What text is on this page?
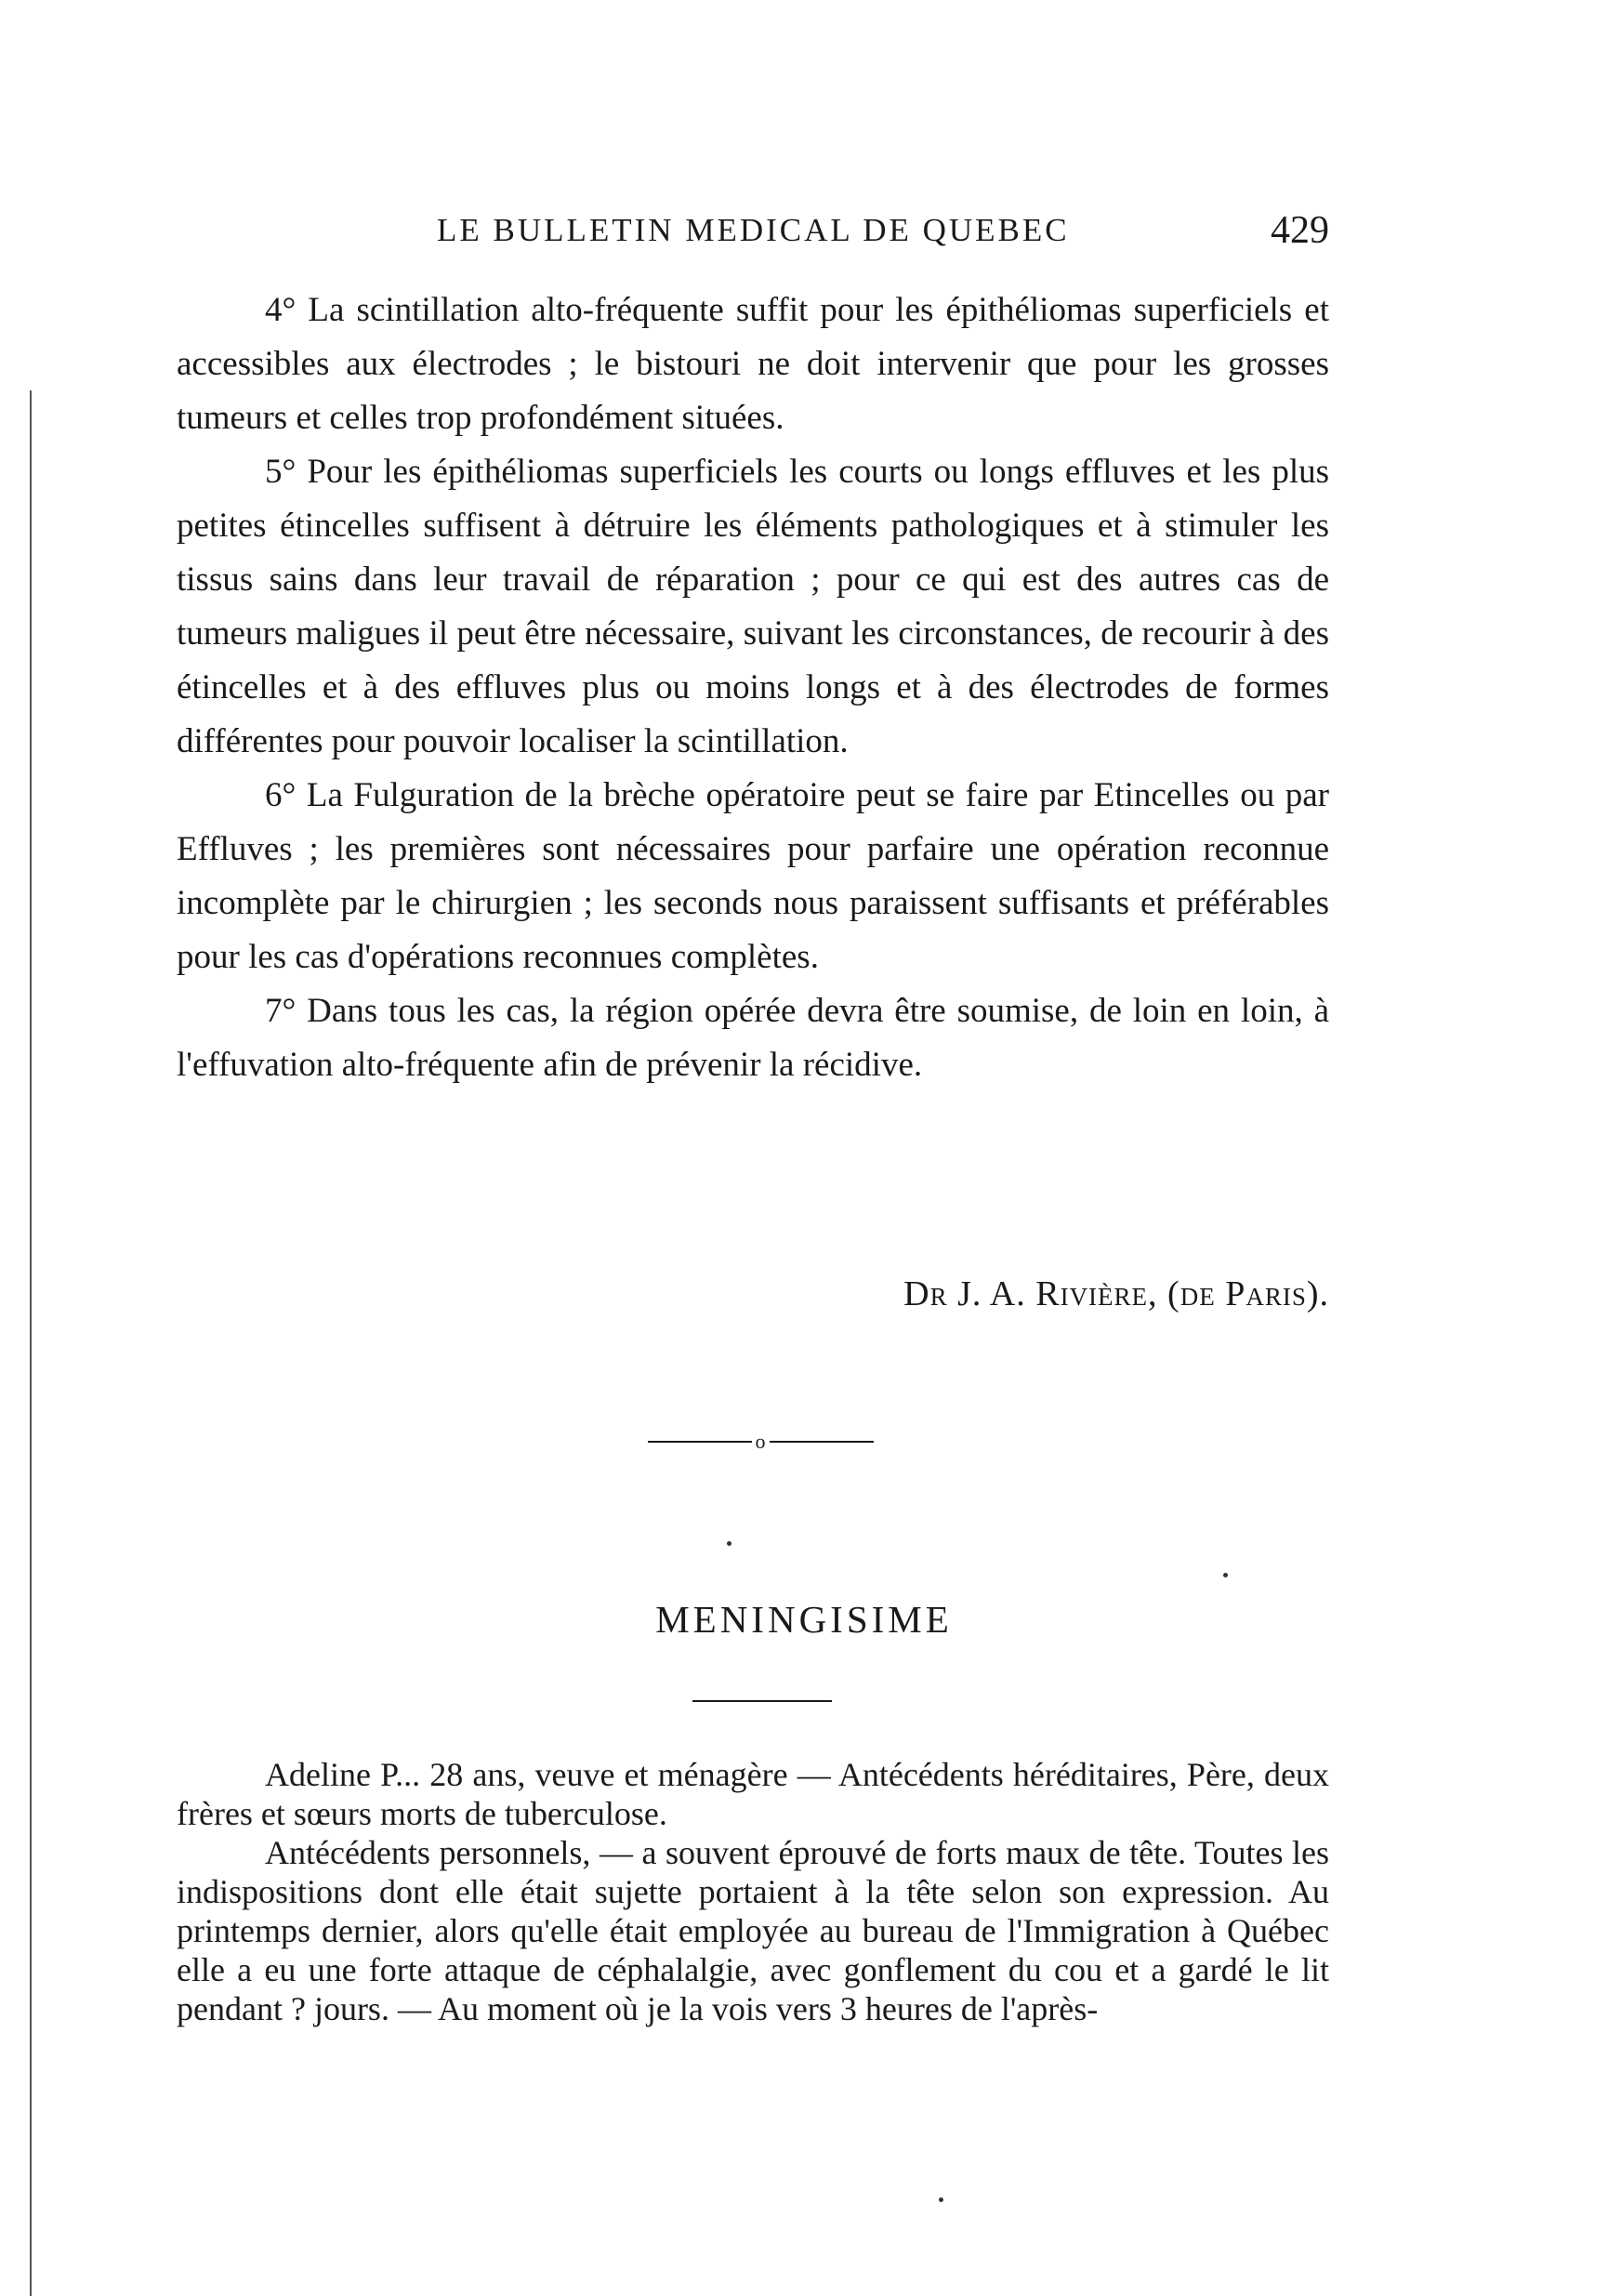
LE BULLETIN MEDICAL DE QUEBEC	429

4° La scintillation alto-fréquente suffit pour les épithéliomas superficiels et accessibles aux électrodes ; le bistouri ne doit intervenir que pour les grosses tumeurs et celles trop profondément situées.

5° Pour les épithéliomas superficiels les courts ou longs effluves et les plus petites étincelles suffisent à détruire les éléments pathologiques et à stimuler les tissus sains dans leur travail de réparation ; pour ce qui est des autres cas de tumeurs maligues il peut être nécessaire, suivant les circonstances, de recourir à des étincelles et à des effluves plus ou moins longs et à des électrodes de formes différentes pour pouvoir localiser la scintillation.

6° La Fulguration de la brèche opératoire peut se faire par Etincelles ou par Effluves ; les premières sont nécessaires pour parfaire une opération reconnue incomplète par le chirurgien ; les seconds nous paraissent suffisants et préférables pour les cas d'opérations reconnues complètes.

7° Dans tous les cas, la région opérée devra être soumise, de loin en loin, à l'effuvation alto-fréquente afin de prévenir la récidive.

Dr J. A. Rivière, (de Paris).
o
MENINGISIME

Adeline P... 28 ans, veuve et ménagère — Antécédents héréditaires, Père, deux frères et sœurs morts de tuberculose.

Antécédents personnels, — a souvent éprouvé de forts maux de tête. Toutes les indispositions dont elle était sujette portaient à la tête selon son expression. Au printemps dernier, alors qu'elle était employée au bureau de l'Immigration à Québec elle a eu une forte attaque de céphalalgie, avec gonflement du cou et a gardé le lit pendant ? jours. — Au moment où je la vois vers 3 heures de l'après-
